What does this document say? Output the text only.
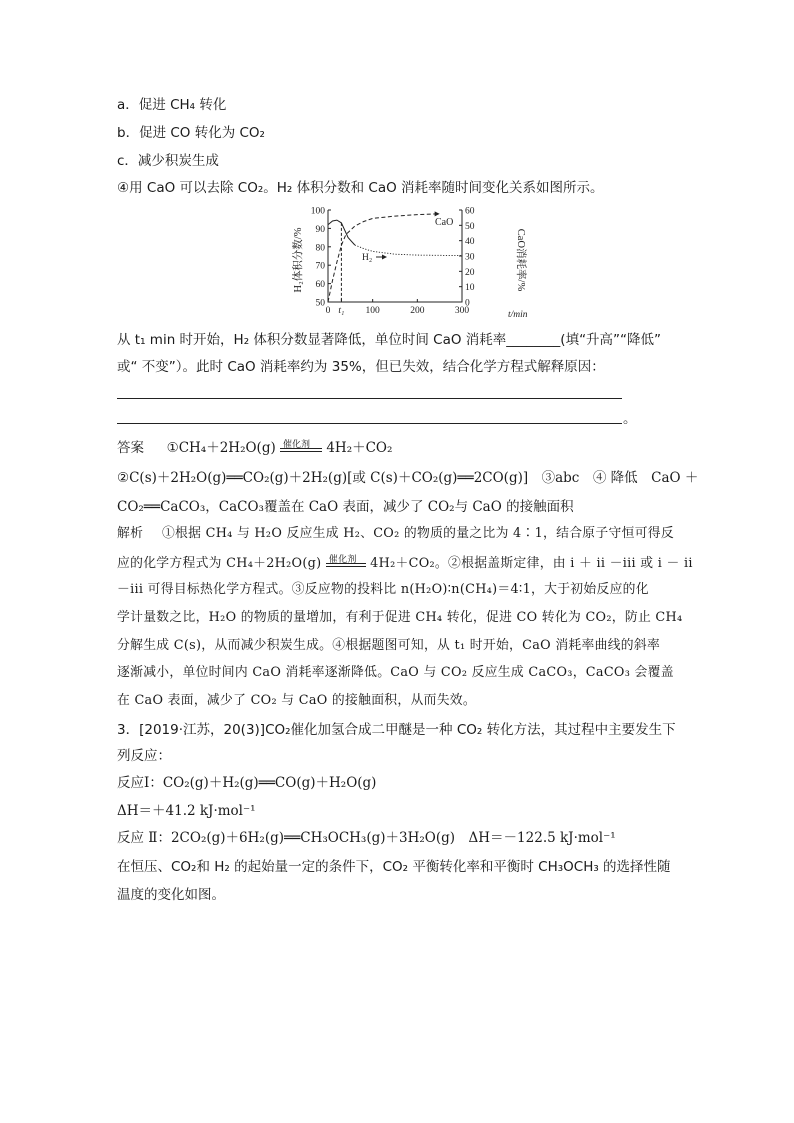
a．促进 CH₄ 转化
b．促进 CO 转化为 CO₂
c．减少积炭生成
④用 CaO 可以去除 CO₂。H₂ 体积分数和 CaO 消耗率随时间变化关系如图所示。
50
60
70
80
90
100
0
10
20
30
40
50
60
0 t₁ 100	200	300
H₂体积分数/%	CaO消耗率/%
t/min
H₂
CaO
从 t₁ min 时开始，H₂ 体积分数显著降低，单位时间 CaO 消耗率________(填“升高”“降低”
或“ 不变”）。此时 CaO 消耗率约为 35%，但已失效，结合化学方程式解释原因：
。
答案 ①CH₄＋2H₂O(g) 催化剂 4H₂＋CO₂
②C(s)＋2H₂O(g)══CO₂(g)＋2H₂(g)[或 C(s)＋CO₂(g)══2CO(g)]　③abc　④ 降低　CaO ＋
CO₂══CaCO₃，CaCO₃覆盖在 CaO 表面，减少了 CO₂与 CaO 的接触面积
解析 ①根据 CH₄ 与 H₂O 反应生成 H₂、CO₂ 的物质的量之比为 4∶1，结合原子守恒可得反
应的化学方程式为 CH₄＋2H₂O(g) 催化剂 4H₂＋CO₂。②根据盖斯定律，由 i ＋ ii －iii 或 i － ii
－iii 可得目标热化学方程式。③反应物的投料比 n(H₂O)∶n(CH₄)＝4∶1，大于初始反应的化
学计量数之比，H₂O 的物质的量增加，有利于促进 CH₄ 转化，促进 CO 转化为 CO₂，防止 CH₄
分解生成 C(s)，从而减少积炭生成。④根据题图可知，从 t₁ 时开始，CaO 消耗率曲线的斜率
逐渐减小，单位时间内 CaO 消耗率逐渐降低。CaO 与 CO₂ 反应生成 CaCO₃，CaCO₃ 会覆盖
在 CaO 表面，减少了 CO₂ 与 CaO 的接触面积，从而失效。
3．[2019·江苏，20(3)]CO₂催化加氢合成二甲醚是一种 CO₂ 转化方法，其过程中主要发生下
列反应：
反应Ⅰ：CO₂(g)＋H₂(g)══CO(g)＋H₂O(g)
ΔH＝＋41.2 kJ·mol⁻¹
反应 Ⅱ：2CO₂(g)＋6H₂(g)══CH₃OCH₃(g)＋3H₂O(g)　ΔH＝－122.5 kJ·mol⁻¹
在恒压、CO₂和 H₂ 的起始量一定的条件下，CO₂ 平衡转化率和平衡时 CH₃OCH₃ 的选择性随
温度的变化如图。
